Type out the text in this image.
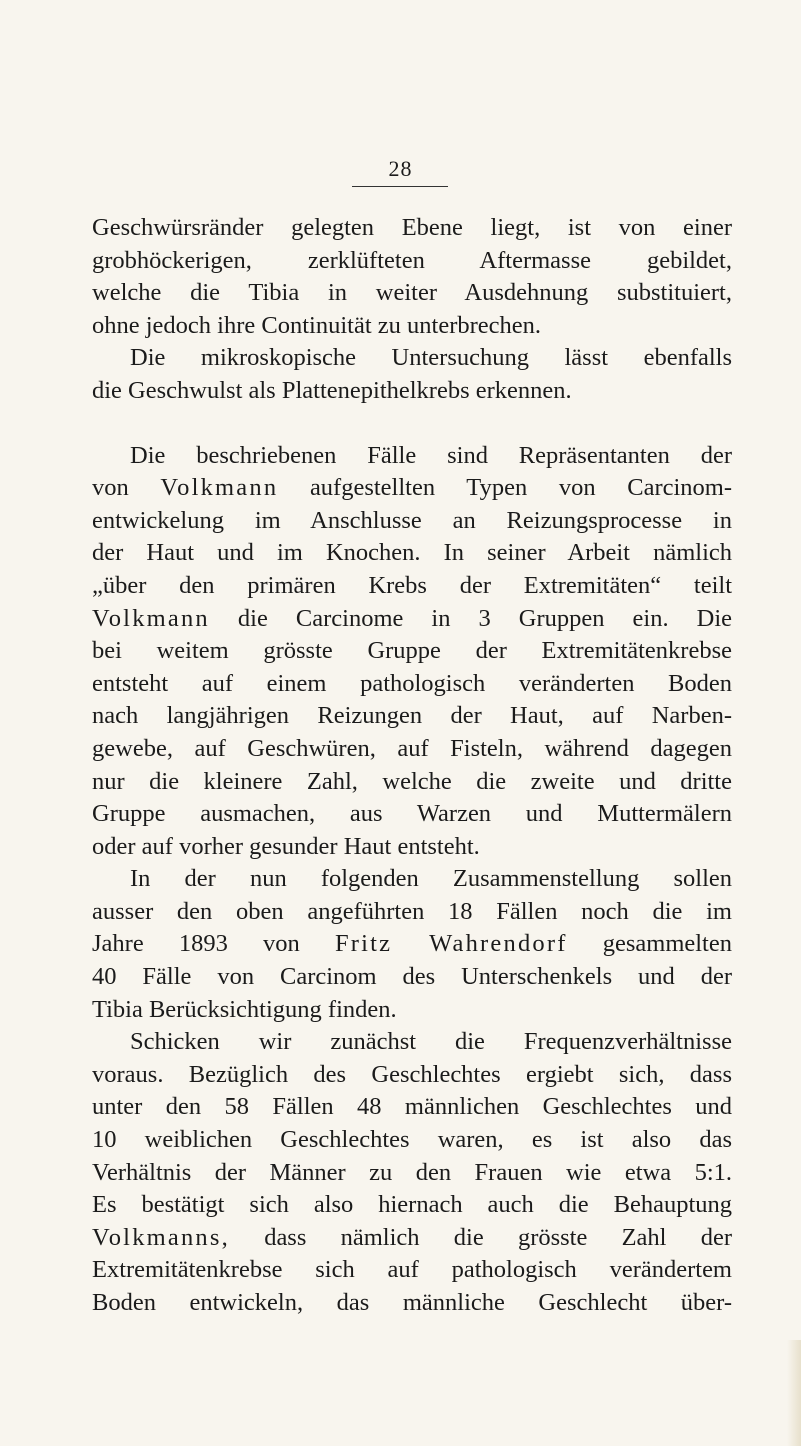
28
Geschwürsränder gelegten Ebene liegt, ist von einer
grobhöckerigen, zerklüfteten Aftermasse gebildet,
welche die Tibia in weiter Ausdehnung substituiert,
ohne jedoch ihre Continuität zu unterbrechen.
Die mikroskopische Untersuchung lässt ebenfalls
die Geschwulst als Plattenepithelkrebs erkennen.
Die beschriebenen Fälle sind Repräsentanten der
von Volkmann aufgestellten Typen von Carcinom-
entwickelung im Anschlusse an Reizungsprocesse in
der Haut und im Knochen. In seiner Arbeit nämlich
„über den primären Krebs der Extremitäten“ teilt
Volkmann die Carcinome in 3 Gruppen ein. Die
bei weitem grösste Gruppe der Extremitätenkrebse
entsteht auf einem pathologisch veränderten Boden
nach langjährigen Reizungen der Haut, auf Narben-
gewebe, auf Geschwüren, auf Fisteln, während dagegen
nur die kleinere Zahl, welche die zweite und dritte
Gruppe ausmachen, aus Warzen und Muttermälern
oder auf vorher gesunder Haut entsteht.
In der nun folgenden Zusammenstellung sollen
ausser den oben angeführten 18 Fällen noch die im
Jahre 1893 von Fritz Wahrendorf gesammelten
40 Fälle von Carcinom des Unterschenkels und der
Tibia Berücksichtigung finden.
Schicken wir zunächst die Frequenzverhältnisse
voraus. Bezüglich des Geschlechtes ergiebt sich, dass
unter den 58 Fällen 48 männlichen Geschlechtes und
10 weiblichen Geschlechtes waren, es ist also das
Verhältnis der Männer zu den Frauen wie etwa 5:1.
Es bestätigt sich also hiernach auch die Behauptung
Volkmanns, dass nämlich die grösste Zahl der
Extremitätenkrebse sich auf pathologisch verändertem
Boden entwickeln, das männliche Geschlecht über-
